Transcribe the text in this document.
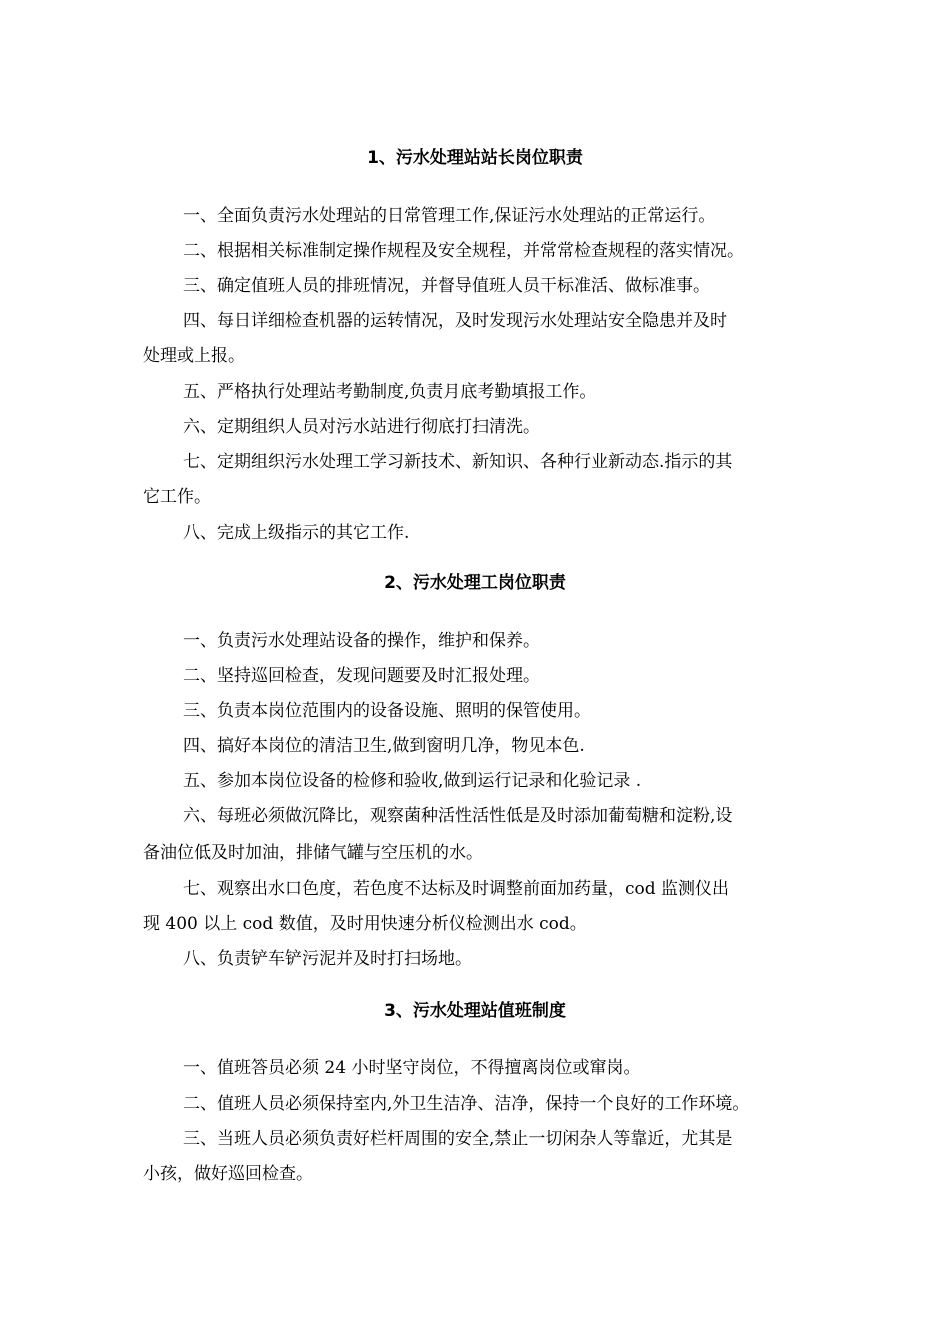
1、污水处理站站长岗位职责
一、全面负责污水处理站的日常管理工作,保证污水处理站的正常运行。
二、根据相关标准制定操作规程及安全规程，并常常检查规程的落实情况。
三、确定值班人员的排班情况，并督导值班人员干标准活、做标准事。
四、每日详细检查机器的运转情况，及时发现污水处理站安全隐患并及时
处理或上报。
五、严格执行处理站考勤制度,负责月底考勤填报工作。
六、定期组织人员对污水站进行彻底打扫清洗。
七、定期组织污水处理工学习新技术、新知识、各种行业新动态.指示的其
它工作。
八、完成上级指示的其它工作.
2、污水处理工岗位职责
一、负责污水处理站设备的操作，维护和保养。
二、坚持巡回检查，发现问题要及时汇报处理。
三、负责本岗位范围内的设备设施、照明的保管使用。
四、搞好本岗位的清洁卫生,做到窗明几净，物见本色.
五、参加本岗位设备的检修和验收,做到运行记录和化验记录 .
六、每班必须做沉降比，观察菌种活性活性低是及时添加葡萄糖和淀粉,设
备油位低及时加油，排储气罐与空压机的水。
七、观察出水口色度，若色度不达标及时调整前面加药量，cod 监测仪出
现 400 以上 cod 数值，及时用快速分析仪检测出水 cod。
八、负责铲车铲污泥并及时打扫场地。
3、污水处理站值班制度
一、值班答员必须 24 小时坚守岗位，不得擅离岗位或窜岗。
二、值班人员必须保持室内,外卫生洁净、洁净，保持一个良好的工作环境。
三、当班人员必须负责好栏杆周围的安全,禁止一切闲杂人等靠近，尤其是
小孩，做好巡回检查。
